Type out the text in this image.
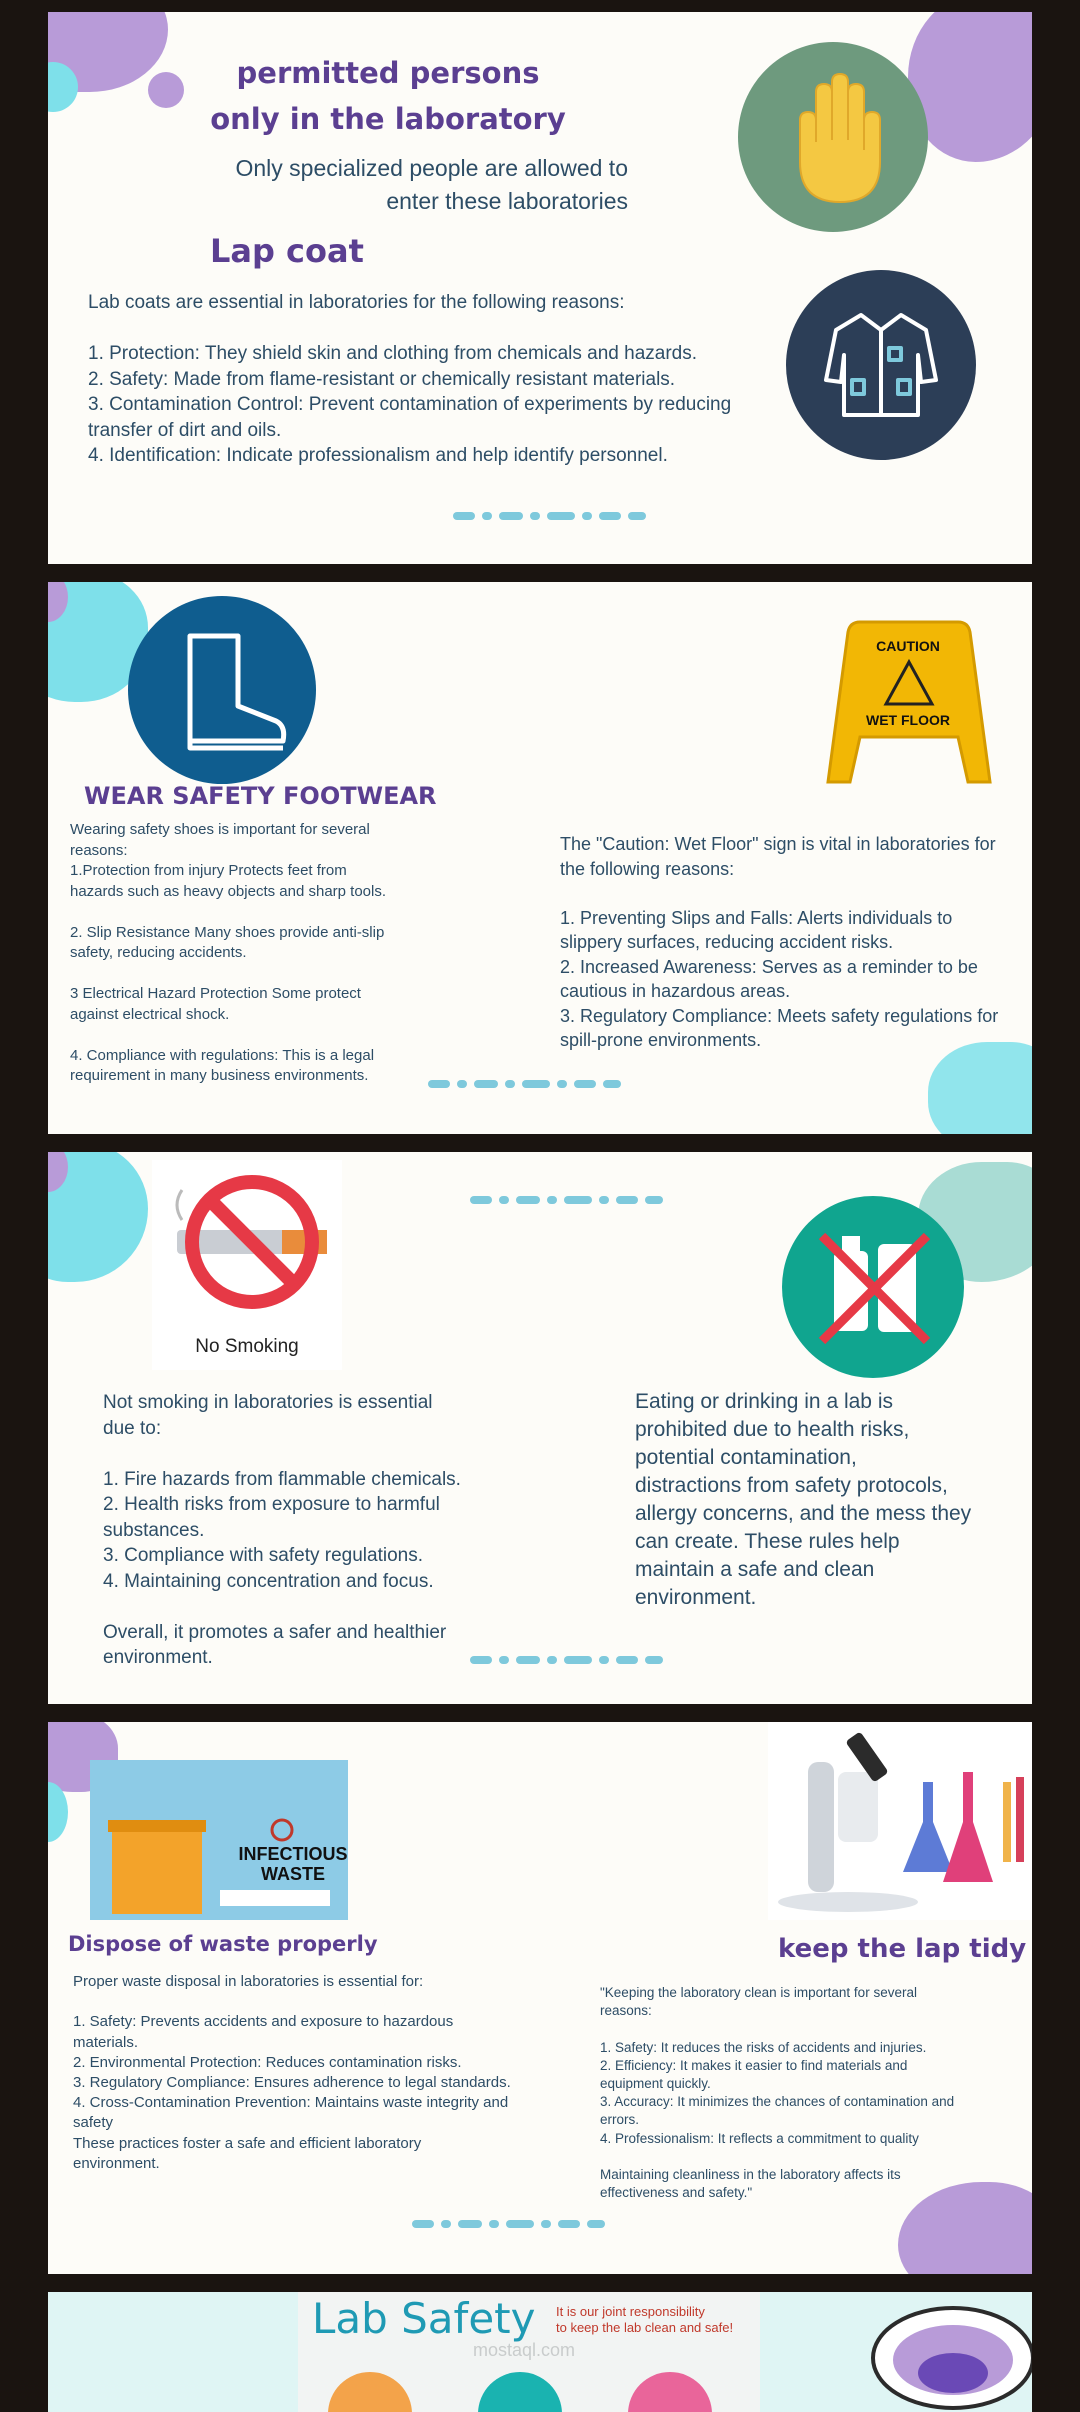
permitted persons only in the laboratory
Only specialized people are allowed to
enter these laboratories
Lap coat
Lab coats are essential in laboratories for the following reasons:

1. Protection: They shield skin and clothing from chemicals and hazards.
2. Safety: Made from flame-resistant or chemically resistant materials.
3. Contamination Control: Prevent contamination of experiments by reducing
transfer of dirt and oils.
4. Identification: Indicate professionalism and help identify personnel.
WEAR SAFETY FOOTWEAR
Wearing safety shoes is important for several
reasons:
1.Protection from injury Protects feet from
hazards such as heavy objects and sharp tools.

2. Slip Resistance Many shoes provide anti-slip
safety, reducing accidents.

3 Electrical Hazard Protection Some protect
against electrical shock.

4. Compliance with regulations: This is a legal
requirement in many business environments.
CAUTION
WET FLOOR
The "Caution: Wet Floor" sign is vital in laboratories for
the following reasons:

1. Preventing Slips and Falls: Alerts individuals to
slippery surfaces, reducing accident risks.
2. Increased Awareness: Serves as a reminder to be
cautious in hazardous areas.
3. Regulatory Compliance: Meets safety regulations for
spill-prone environments.
No Smoking
Not smoking in laboratories is essential
due to:

1. Fire hazards from flammable chemicals.
2. Health risks from exposure to harmful
substances.
3. Compliance with safety regulations.
4. Maintaining concentration and focus.

Overall, it promotes a safer and healthier
environment.
Eating or drinking in a lab is
prohibited due to health risks,
potential contamination,
distractions from safety protocols,
allergy concerns, and the mess they
can create. These rules help
maintain a safe and clean
environment.
INFECTIOUS
WASTE
Dispose of waste properly
Proper waste disposal in laboratories is essential for:

1. Safety: Prevents accidents and exposure to hazardous
materials.
2. Environmental Protection: Reduces contamination risks.
3. Regulatory Compliance: Ensures adherence to legal standards.
4. Cross-Contamination Prevention: Maintains waste integrity and
safety
These practices foster a safe and efficient laboratory
environment.
keep the lap tidy
"Keeping the laboratory clean is important for several
reasons:

1. Safety: It reduces the risks of accidents and injuries.
2. Efficiency: It makes it easier to find materials and
equipment quickly.
3. Accuracy: It minimizes the chances of contamination and
errors.
4. Professionalism: It reflects a commitment to quality

Maintaining cleanliness in the laboratory affects its
effectiveness and safety."
Lab Safety It is our joint responsibility
to keep the lab clean and safe!
mostaql.com
